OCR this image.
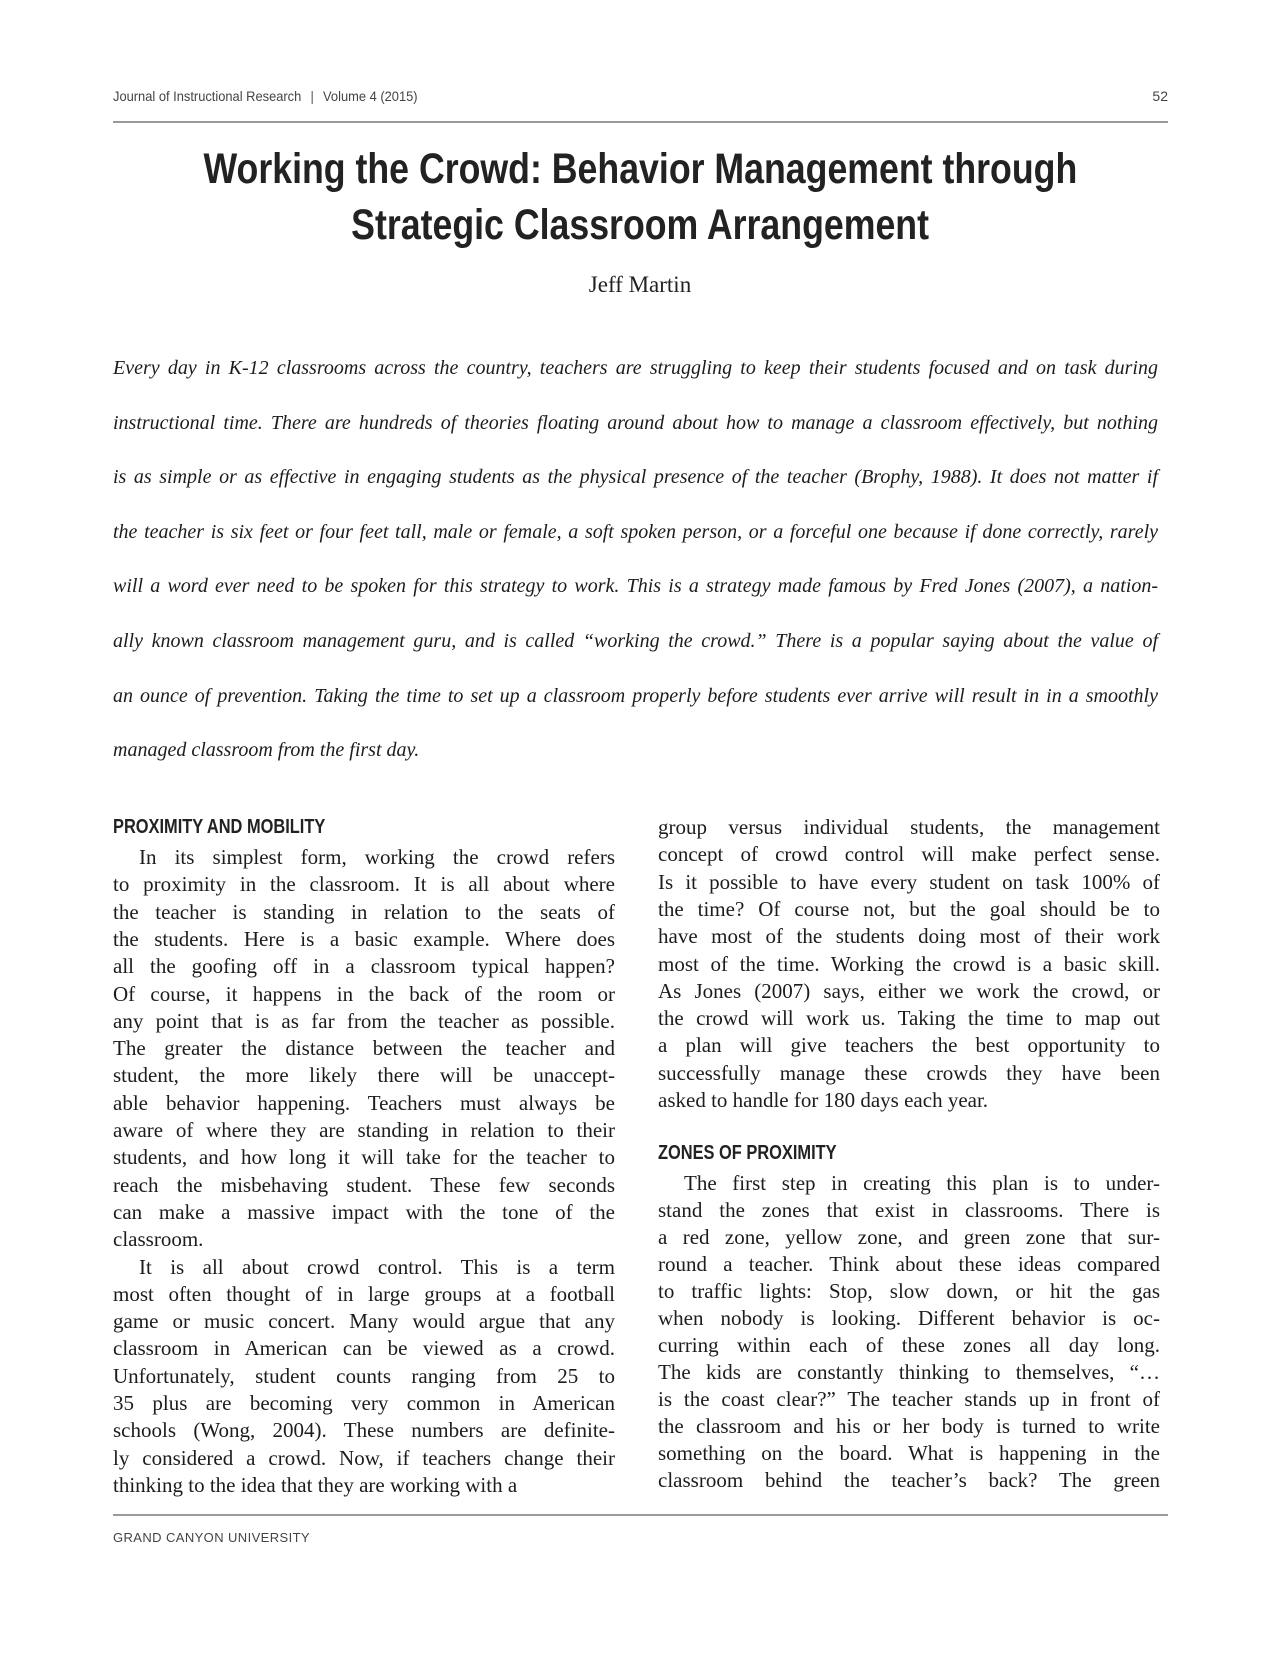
Journal of Instructional Research | Volume 4 (2015)	52
Working the Crowd: Behavior Management through
Strategic Classroom Arrangement
Jeff Martin
Every day in K-12 classrooms across the country, teachers are struggling to keep their students focused and on task during
instructional time. There are hundreds of theories floating around about how to manage a classroom effectively, but nothing
is as simple or as effective in engaging students as the physical presence of the teacher (Brophy, 1988). It does not matter if
the teacher is six feet or four feet tall, male or female, a soft spoken person, or a forceful one because if done correctly, rarely
will a word ever need to be spoken for this strategy to work. This is a strategy made famous by Fred Jones (2007), a nation-
ally known classroom management guru, and is called “working the crowd.” There is a popular saying about the value of
an ounce of prevention. Taking the time to set up a classroom properly before students ever arrive will result in in a smoothly
managed classroom from the first day.
PROXIMITY AND MOBILITY
In its simplest form, working the crowd refers
to proximity in the classroom. It is all about where
the teacher is standing in relation to the seats of
the students. Here is a basic example. Where does
all the goofing off in a classroom typical happen?
Of course, it happens in the back of the room or
any point that is as far from the teacher as possible.
The greater the distance between the teacher and
student, the more likely there will be unaccept-
able behavior happening. Teachers must always be
aware of where they are standing in relation to their
students, and how long it will take for the teacher to
reach the misbehaving student. These few seconds
can make a massive impact with the tone of the
classroom.
It is all about crowd control. This is a term
most often thought of in large groups at a football
game or music concert. Many would argue that any
classroom in American can be viewed as a crowd.
Unfortunately, student counts ranging from 25 to
35 plus are becoming very common in American
schools (Wong, 2004). These numbers are definite-
ly considered a crowd. Now, if teachers change their
thinking to the idea that they are working with a
group versus individual students, the management
concept of crowd control will make perfect sense.
Is it possible to have every student on task 100% of
the time? Of course not, but the goal should be to
have most of the students doing most of their work
most of the time. Working the crowd is a basic skill.
As Jones (2007) says, either we work the crowd, or
the crowd will work us. Taking the time to map out
a plan will give teachers the best opportunity to
successfully manage these crowds they have been
asked to handle for 180 days each year.
ZONES OF PROXIMITY
The first step in creating this plan is to under-
stand the zones that exist in classrooms. There is
a red zone, yellow zone, and green zone that sur-
round a teacher. Think about these ideas compared
to traffic lights: Stop, slow down, or hit the gas
when nobody is looking. Different behavior is oc-
curring within each of these zones all day long.
The kids are constantly thinking to themselves, “…
is the coast clear?” The teacher stands up in front of
the classroom and his or her body is turned to write
something on the board. What is happening in the
classroom behind the teacher’s back? The green
GRAND CANYON UNIVERSITY
